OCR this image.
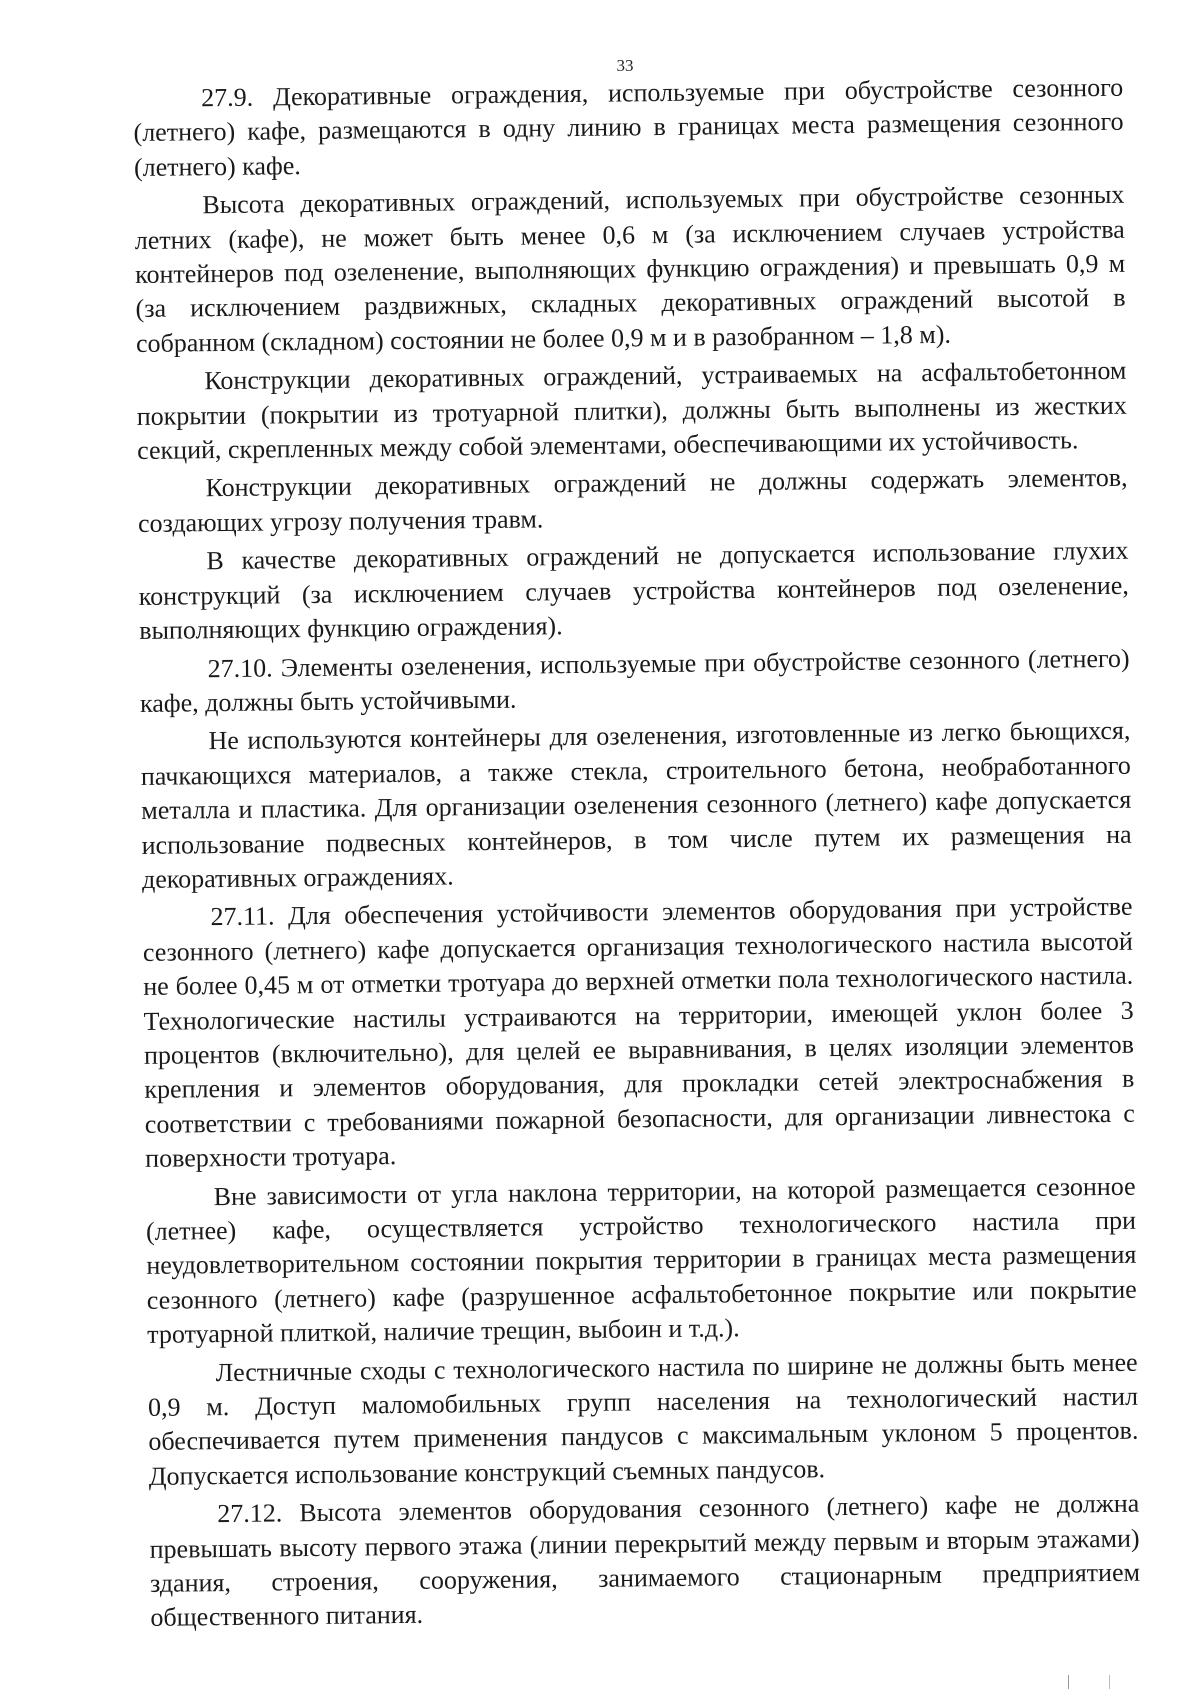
33

27.9. Декоративные ограждения, используемые при обустройстве сезонного (летнего) кафе, размещаются в одну линию в границах места размещения сезонного (летнего) кафе.

Высота декоративных ограждений, используемых при обустройстве сезонных летних (кафе), не может быть менее 0,6 м (за исключением случаев устройства контейнеров под озеленение, выполняющих функцию ограждения) и превышать 0,9 м (за исключением раздвижных, складных декоративных ограждений высотой в собранном (складном) состоянии не более 0,9 м и в разобранном – 1,8 м).

Конструкции декоративных ограждений, устраиваемых на асфальтобетонном покрытии (покрытии из тротуарной плитки), должны быть выполнены из жестких секций, скрепленных между собой элементами, обеспечивающими их устойчивость.

Конструкции декоративных ограждений не должны содержать элементов, создающих угрозу получения травм.

В качестве декоративных ограждений не допускается использование глухих конструкций (за исключением случаев устройства контейнеров под озеленение, выполняющих функцию ограждения).

27.10. Элементы озеленения, используемые при обустройстве сезонного (летнего) кафе, должны быть устойчивыми.

Не используются контейнеры для озеленения, изготовленные из легко бьющихся, пачкающихся материалов, а также стекла, строительного бетона, необработанного металла и пластика. Для организации озеленения сезонного (летнего) кафе допускается использование подвесных контейнеров, в том числе путем их размещения на декоративных ограждениях.

27.11. Для обеспечения устойчивости элементов оборудования при устройстве сезонного (летнего) кафе допускается организация технологического настила высотой не более 0,45 м от отметки тротуара до верхней отметки пола технологического настила. Технологические настилы устраиваются на территории, имеющей уклон более 3 процентов (включительно), для целей ее выравнивания, в целях изоляции элементов крепления и элементов оборудования, для прокладки сетей электроснабжения в соответствии с требованиями пожарной безопасности, для организации ливнестока с поверхности тротуара.

Вне зависимости от угла наклона территории, на которой размещается сезонное (летнее) кафе, осуществляется устройство технологического настила при неудовлетворительном состоянии покрытия территории в границах места размещения сезонного (летнего) кафе (разрушенное асфальтобетонное покрытие или покрытие тротуарной плиткой, наличие трещин, выбоин и т.д.).

Лестничные сходы с технологического настила по ширине не должны быть менее 0,9 м. Доступ маломобильных групп населения на технологический настил обеспечивается путем применения пандусов с максимальным уклоном 5 процентов. Допускается использование конструкций съемных пандусов.

27.12. Высота элементов оборудования сезонного (летнего) кафе не должна превышать высоту первого этажа (линии перекрытий между первым и вторым этажами) здания, строения, сооружения, занимаемого стационарным предприятием общественного питания.
